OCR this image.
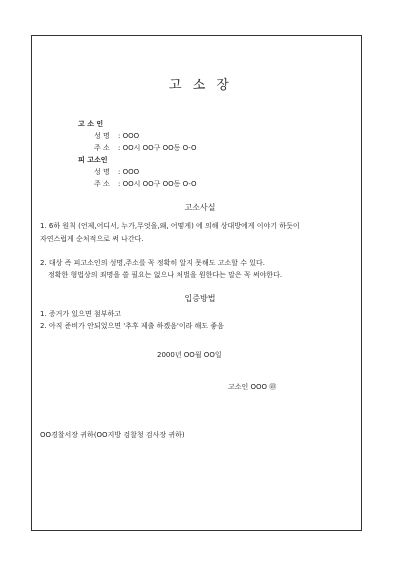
고 소 장
고 소 인
성 명 : OOO
주 소 : OO시 OO구 OO동 O-O
피 고소인
성 명 : OOO
주 소 : OO시 OO구 OO동 O-O
고소사실
1. 6하 원칙 (언제,어디서, 누가,무엇을,왜, 어떻게) 에 의해 상대방에게 이야기 하듯이
자연스럽게 순처적으로 써 나간다.
2. 대상 즉 피고소인의 성명,주소를 꼭 정확히 알지 못해도 고소할 수 있다.
정확한 형법상의 죄명을 쓸 필요는 없으나 처벌을 원한다는 말은 꼭 써야한다.
입증방법
1. 증거가 있으면 첨부하고
2. 아직 준비가 안되었으면 '추후 제출 하겠음'이라 해도 좋음
2000년 OO월 OO일
고소인 OOO ㊞
OO경찰서장 귀하(OO지방 검찰청 검사장 귀하)
